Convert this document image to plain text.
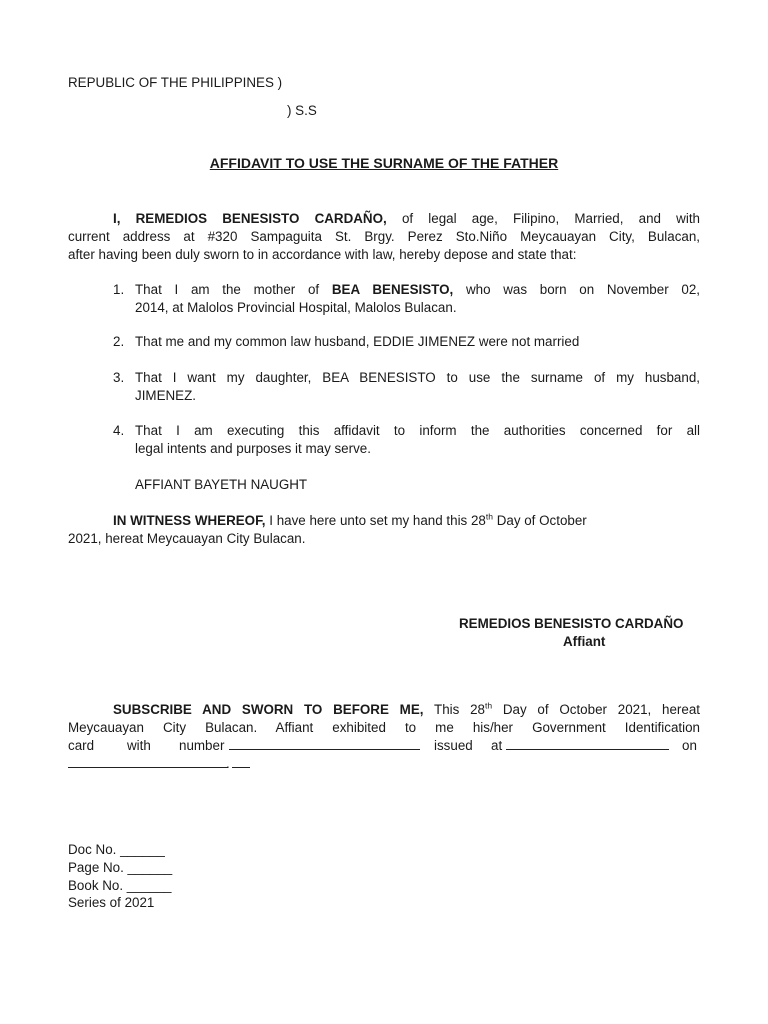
REPUBLIC OF THE PHILIPPINES )
) S.S
AFFIDAVIT TO USE THE SURNAME OF THE FATHER
I, REMEDIOS BENESISTO CARDAÑO, of legal age, Filipino, Married, and with
current address at #320 Sampaguita St. Brgy. Perez Sto.Niño Meycauayan City, Bulacan,
after having been duly sworn to in accordance with law, hereby depose and state that:
1. That I am the mother of BEA BENESISTO, who was born on November 02,
2014, at Malolos Provincial Hospital, Malolos Bulacan.
2. That me and my common law husband, EDDIE JIMENEZ were not married
3. That I want my daughter, BEA BENESISTO to use the surname of my husband,
JIMENEZ.
4. That I am executing this affidavit to inform the authorities concerned for all
legal intents and purposes it may serve.
AFFIANT BAYETH NAUGHT
IN WITNESS WHEREOF, I have here unto set my hand this 28th Day of October
2021, hereat Meycauayan City Bulacan.
REMEDIOS BENESISTO CARDAÑO
Affiant
SUBSCRIBE AND SWORN TO BEFORE ME, This 28th Day of October 2021, hereat
Meycauayan City Bulacan. Affiant exhibited to me his/her Government Identification
card with number	issued at	on
.
Doc No. ______
Page No. ______
Book No. ______
Series of 2021
